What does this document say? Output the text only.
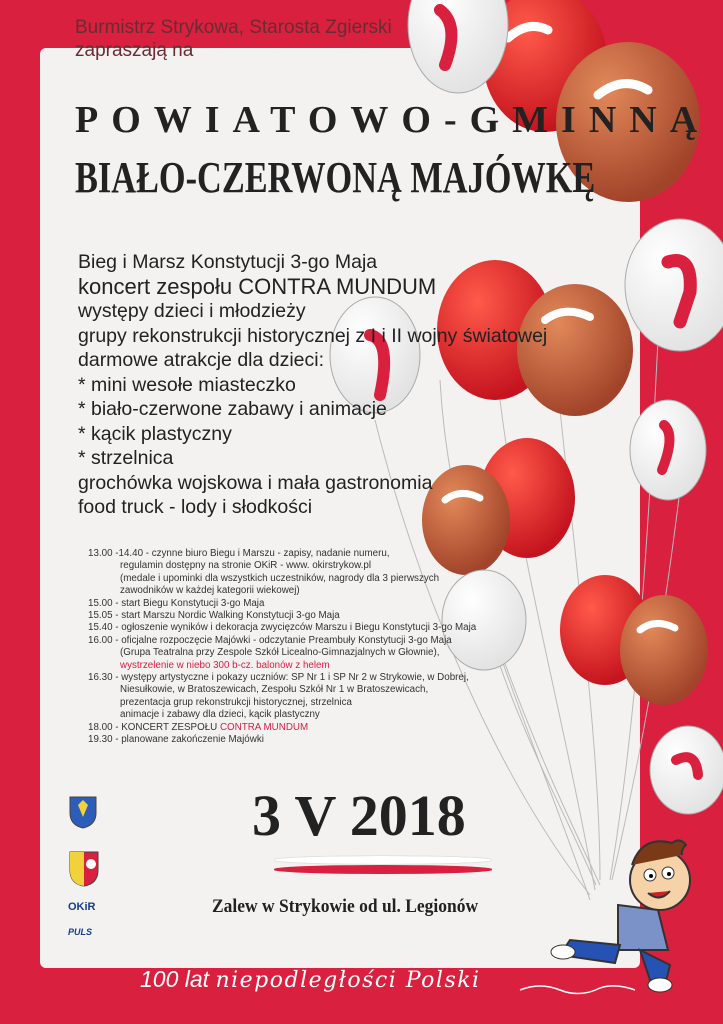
Burmistrz Strykowa, Starosta Zgierski
zapraszają na
POWIATOWO-GMINNĄ
BIAŁO-CZERWONĄ MAJÓWKĘ
Bieg i Marsz Konstytucji 3-go Maja
koncert zespołu CONTRA MUNDUM
występy dzieci i młodzieży
grupy rekonstrukcji historycznej z I i II wojny światowej
darmowe atrakcje dla dzieci:
* mini wesołe miasteczko
* biało-czerwone zabawy i animacje
* kącik plastyczny
* strzelnica
grochówka wojskowa i mała gastronomia
food truck - lody i słodkości
13.00 -14.40 - czynne biuro Biegu i Marszu - zapisy, nadanie numeru,
regulamin dostępny na stronie OKiR - www. okirstrykow.pl
(medale i upominki dla wszystkich uczestników, nagrody dla 3 pierwszych
zawodników w każdej kategorii wiekowej)
15.00 - start Biegu Konstytucji 3-go Maja
15.05 - start Marszu Nordic Walking Konstytucji 3-go Maja
15.40 - ogłoszenie wyników i dekoracja zwycięzców Marszu i Biegu Konstytucji 3-go Maja
16.00 - oficjalne rozpoczęcie Majówki - odczytanie Preambuły Konstytucji 3-go Maja
(Grupa Teatralna przy Zespole Szkół Licealno-Gimnazjalnych w Głownie),
wystrzelenie w niebo 300 b-cz. balonów z helem
16.30 - występy artystyczne i pokazy uczniów: SP Nr 1 i SP Nr 2 w Strykowie, w Dobrej,
Niesułkowie, w Bratoszewicach, Zespołu Szkół Nr 1 w Bratoszewicach,
prezentacja grup rekonstrukcji historycznej, strzelnica
animacje i zabawy dla dzieci, kącik plastyczny
18.00 - KONCERT ZESPOŁU CONTRA MUNDUM
19.30 - planowane zakończenie Majówki
3 V 2018
Zalew w Strykowie od ul. Legionów
OKiR
PULS
100 lat niepodległości Polski
